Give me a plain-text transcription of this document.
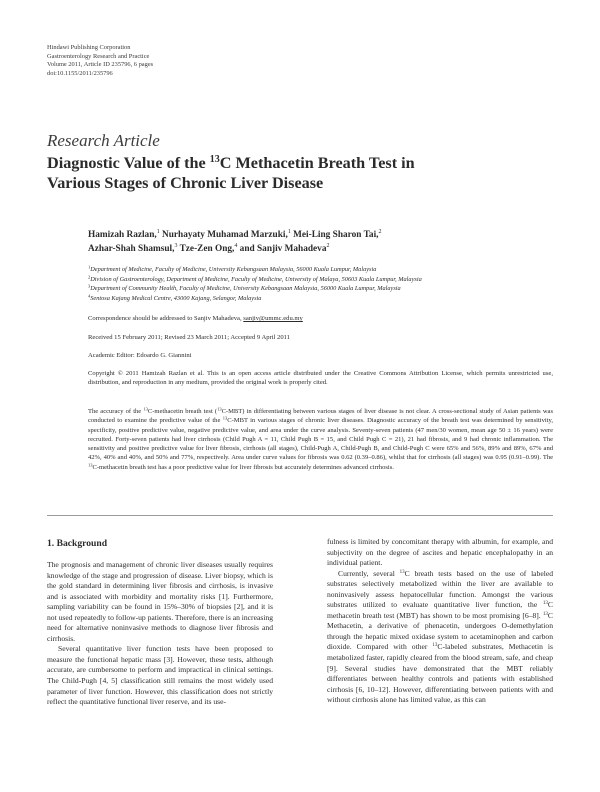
Hindawi Publishing Corporation
Gastroenterology Research and Practice
Volume 2011, Article ID 235796, 6 pages
doi:10.1155/2011/235796
Research Article
Diagnostic Value of the $^{13}$C Methacetin Breath Test in
Various Stages of Chronic Liver Disease
Hamizah Razlan,$^1$ Nurhayaty Muhamad Marzuki,$^1$ Mei-Ling Sharon Tai,$^2$
Azhar-Shah Shamsul,$^3$ Tze-Zen Ong,$^4$ and Sanjiv Mahadeva$^2$
$^1$Department of Medicine, Faculty of Medicine, University Kebangsaan Malaysia, 56000 Kuala Lumpur, Malaysia
$^2$Division of Gastroenterology, Department of Medicine, Faculty of Medicine, University of Malaya, 50603 Kuala Lumpur, Malaysia
$^3$Department of Community Health, Faculty of Medicine, University Kebangsaan Malaysia, 56000 Kuala Lumpur, Malaysia
$^4$Sentosa Kajang Medical Centre, 43000 Kajang, Selangor, Malaysia
Correspondence should be addressed to Sanjiv Mahadeva, sanjiv@ummc.edu.my
Received 15 February 2011; Revised 23 March 2011; Accepted 9 April 2011
Academic Editor: Edoardo G. Giannini
Copyright © 2011 Hamizah Razlan et al. This is an open access article distributed under the Creative Commons Attribution License, which permits unrestricted use, distribution, and reproduction in any medium, provided the original work is properly cited.
The accuracy of the $^{13}$C-methacetin breath test ($^{13}$C-MBT) in differentiating between various stages of liver disease is not clear. A cross-sectional study of Asian patients was conducted to examine the predictive value of the $^{13}$C-MBT in various stages of chronic liver diseases. Diagnostic accuracy of the breath test was determined by sensitivity, specificity, positive predictive value, negative predictive value, and area under the curve analysis. Seventy-seven patients (47 men/30 women, mean age 50 ± 16 years) were recruited. Forty-seven patients had liver cirrhosis (Child Pugh A = 11, Child Pugh B = 15, and Child Pugh C = 21), 21 had fibrosis, and 9 had chronic inflammation. The sensitivity and positive predictive value for liver fibrosis, cirrhosis (all stages), Child-Pugh A, Child-Pugh B, and Child-Pugh C were 65% and 56%, 89% and 89%, 67% and 42%, 40% and 40%, and 50% and 77%, respectively. Area under curve values for fibrosis was 0.62 (0.39–0.86), whilst that for cirrhosis (all stages) was 0.95 (0.91–0.99). The $^{13}$C-methacetin breath test has a poor predictive value for liver fibrosis but accurately determines advanced cirrhosis.
1. Background

The prognosis and management of chronic liver diseases usually requires knowledge of the stage and progression of disease. Liver biopsy, which is the gold standard in determining liver fibrosis and cirrhosis, is invasive and is associated with morbidity and mortality risks [1]. Furthermore, sampling variability can be found in 15%–30% of biopsies [2], and it is not used repeatedly to follow-up patients. Therefore, there is an increasing need for alternative noninvasive methods to diagnose liver fibrosis and cirrhosis.

Several quantitative liver function tests have been proposed to measure the functional hepatic mass [3]. However, these tests, although accurate, are cumbersome to perform and impractical in clinical settings. The Child-Pugh [4, 5] classification still remains the most widely used parameter of liver function. However, this classification does not strictly reflect the quantitative functional liver reserve, and its use-

fulness is limited by concomitant therapy with albumin, for example, and subjectivity on the degree of ascites and hepatic encephalopathy in an individual patient.

Currently, several $^{13}$C breath tests based on the use of labeled substrates selectively metabolized within the liver are available to noninvasively assess hepatocellular function. Amongst the various substrates utilized to evaluate quantitative liver function, the $^{13}$C methacetin breath test (MBT) has shown to be most promising [6–8]. $^{13}$C Methacetin, a derivative of phenacetin, undergoes O-demethylation through the hepatic mixed oxidase system to acetaminophen and carbon dioxide. Compared with other $^{13}$C-labeled substrates, Methacetin is metabolized faster, rapidly cleared from the blood stream, safe, and cheap [9]. Several studies have demonstrated that the MBT reliably differentiates between healthy controls and patients with established cirrhosis [6, 10–12]. However, differentiating between patients with and without cirrhosis alone has limited value, as this can
